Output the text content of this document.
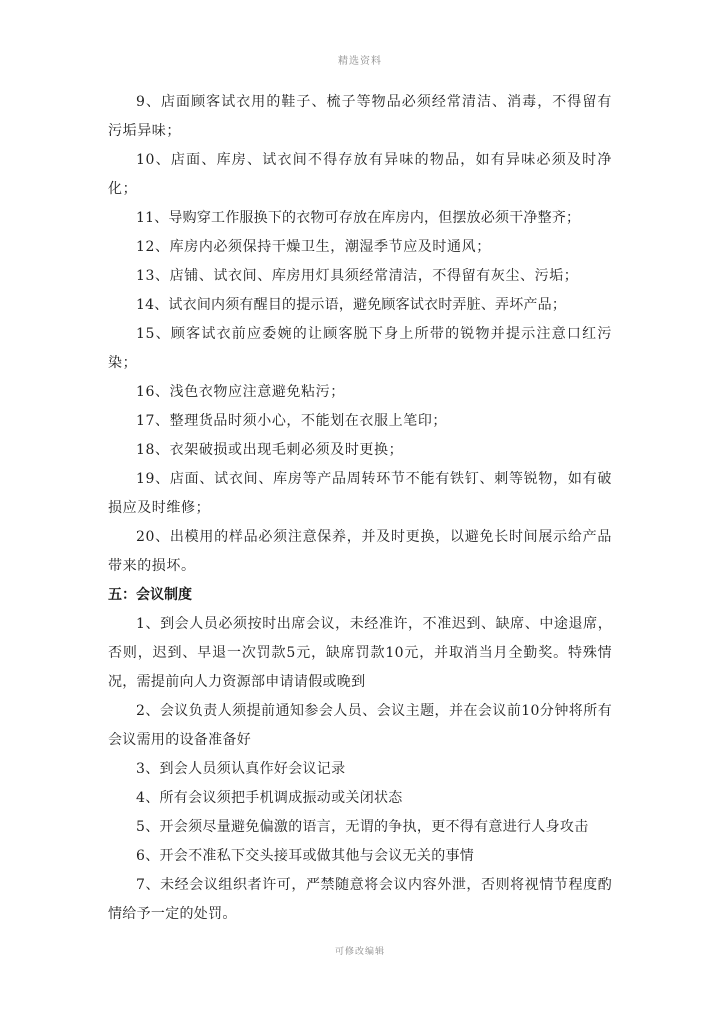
精选资料

9、店面顾客试衣用的鞋子、梳子等物品必须经常清洁、消毒，不得留有污垢异味；

10、店面、库房、试衣间不得存放有异味的物品，如有异味必须及时净化；

11、导购穿工作服换下的衣物可存放在库房内，但摆放必须干净整齐；

12、库房内必须保持干燥卫生，潮湿季节应及时通风；

13、店铺、试衣间、库房用灯具须经常清洁，不得留有灰尘、污垢；

14、试衣间内须有醒目的提示语，避免顾客试衣时弄脏、弄坏产品；

15、顾客试衣前应委婉的让顾客脱下身上所带的锐物并提示注意口红污染；

16、浅色衣物应注意避免粘污；

17、整理货品时须小心，不能划在衣服上笔印；

18、衣架破损或出现毛刺必须及时更换；

19、店面、试衣间、库房等产品周转环节不能有铁钉、刺等锐物，如有破损应及时维修；

20、出模用的样品必须注意保养，并及时更换，以避免长时间展示给产品带来的损坏。

五：会议制度

1、到会人员必须按时出席会议，未经准许，不准迟到、缺席、中途退席，否则，迟到、早退一次罚款5元，缺席罚款10元，并取消当月全勤奖。特殊情况，需提前向人力资源部申请请假或晚到

2、会议负责人须提前通知参会人员、会议主题，并在会议前10分钟将所有会议需用的设备准备好

3、到会人员须认真作好会议记录

4、所有会议须把手机调成振动或关闭状态

5、开会须尽量避免偏激的语言，无谓的争执，更不得有意进行人身攻击

6、开会不准私下交头接耳或做其他与会议无关的事情

7、未经会议组织者许可，严禁随意将会议内容外泄，否则将视情节程度酌情给予一定的处罚。

可修改编辑
